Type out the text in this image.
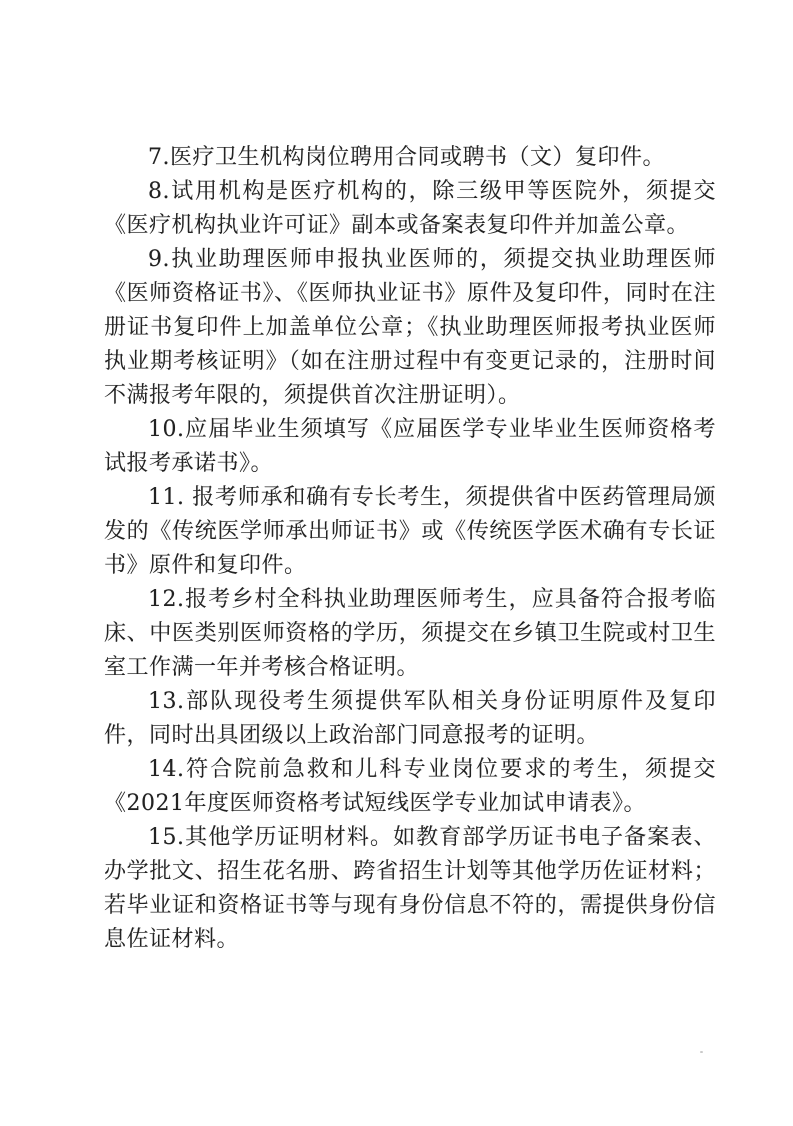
7.医疗卫生机构岗位聘用合同或聘书（文）复印件。

8.试用机构是医疗机构的，除三级甲等医院外，须提交《医疗机构执业许可证》副本或备案表复印件并加盖公章。

9.执业助理医师申报执业医师的，须提交执业助理医师《医师资格证书》、《医师执业证书》原件及复印件，同时在注册证书复印件上加盖单位公章；《执业助理医师报考执业医师执业期考核证明》（如在注册过程中有变更记录的，注册时间不满报考年限的，须提供首次注册证明）。

10.应届毕业生须填写《应届医学专业毕业生医师资格考试报考承诺书》。

11. 报考师承和确有专长考生，须提供省中医药管理局颁发的《传统医学师承出师证书》或《传统医学医术确有专长证书》原件和复印件。

12.报考乡村全科执业助理医师考生，应具备符合报考临床、中医类别医师资格的学历，须提交在乡镇卫生院或村卫生室工作满一年并考核合格证明。

13.部队现役考生须提供军队相关身份证明原件及复印件，同时出具团级以上政治部门同意报考的证明。

14.符合院前急救和儿科专业岗位要求的考生，须提交《2021年度医师资格考试短线医学专业加试申请表》。

15.其他学历证明材料。如教育部学历证书电子备案表、办学批文、招生花名册、跨省招生计划等其他学历佐证材料；若毕业证和资格证书等与现有身份信息不符的，需提供身份信息佐证材料。
